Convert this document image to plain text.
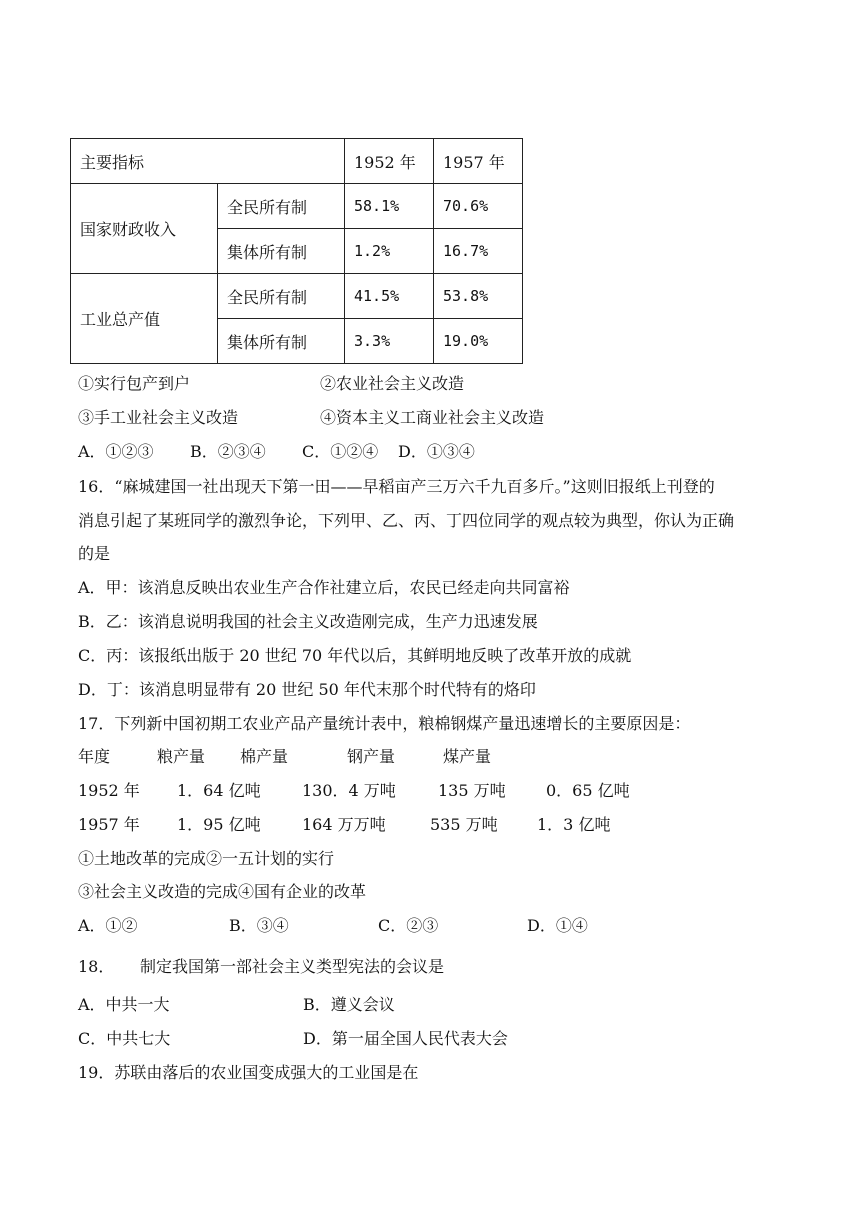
主要指标		1952 年	1957 年
国家财政收入	全民所有制	58.1%	70.6%
	集体所有制	1.2%	16.7%
工业总产值	全民所有制	41.5%	53.8%
	集体所有制	3.3%	19.0%
①实行包产到户	②农业社会主义改造
③手工业社会主义改造	④资本主义工商业社会主义改造
A．①②③ B．②③④ C．①②④ D．①③④
16．“麻城建国一社出现天下第一田——早稻亩产三万六千九百多斤。”这则旧报纸上刊登的
消息引起了某班同学的激烈争论，下列甲、乙、丙、丁四位同学的观点较为典型，你认为正确
的是
A．甲：该消息反映出农业生产合作社建立后，农民已经走向共同富裕
B．乙：该消息说明我国的社会主义改造刚完成，生产力迅速发展
C．丙：该报纸出版于 20 世纪 70 年代以后，其鲜明地反映了改革开放的成就
D．丁：该消息明显带有 20 世纪 50 年代末那个时代特有的烙印
17．下列新中国初期工农业产品产量统计表中，粮棉钢煤产量迅速增长的主要原因是：
年度	粮产量 棉产量	钢产量	煤产量
1952 年 1．64 亿吨	130．4 万吨	135 万吨	0．65 亿吨
1957 年 1．95 亿吨	164 万万吨	535 万吨 1．3 亿吨
①土地改革的完成②一五计划的实行
③社会主义改造的完成④国有企业的改革
A．①②	B．③④	C．②③	D．①④
18． 制定我国第一部社会主义类型宪法的会议是
A．中共一大	B．遵义会议
C．中共七大	D．第一届全国人民代表大会
19．苏联由落后的农业国变成强大的工业国是在
